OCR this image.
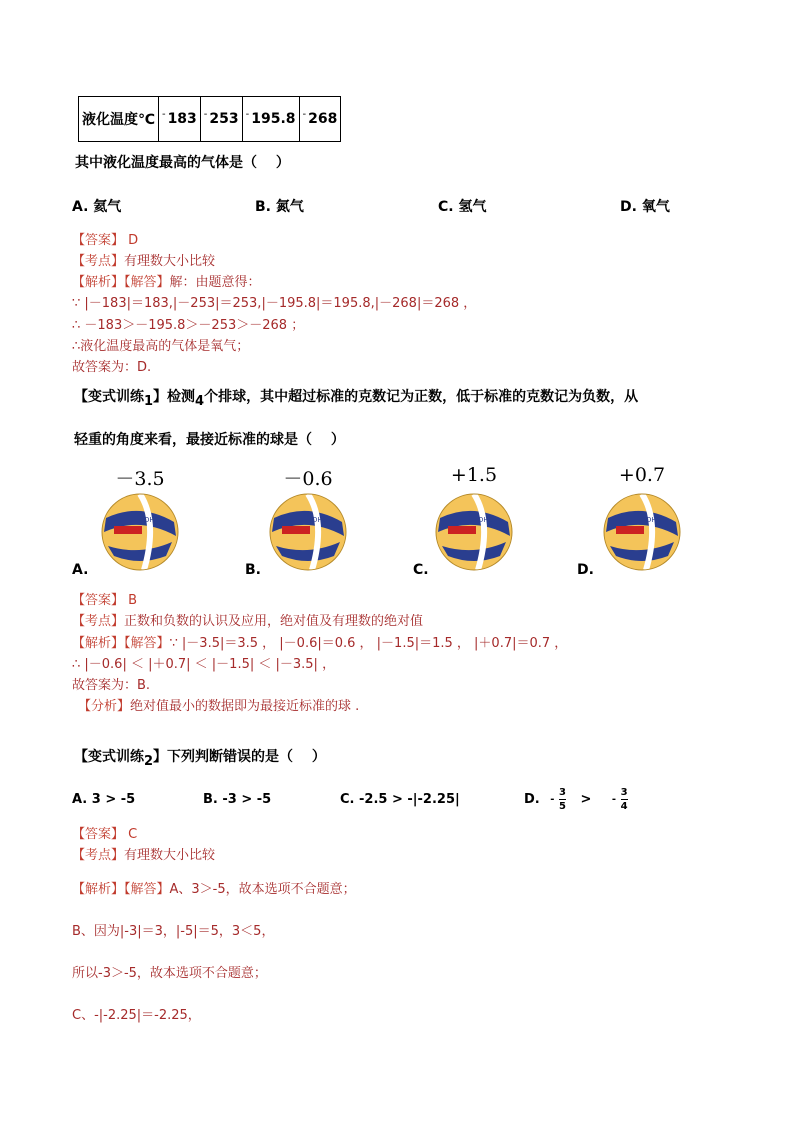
液化温度℃	- 183	- 253	- 195.8	- 268
其中液化温度最高的气体是（　 ）
A. 氦气	B. 氮气	C. 氢气	D. 氧气
【答案】 D
【考点】有理数大小比较
【解析】【解答】解：由题意得：
∵ |－183|＝183,|－253|＝253,|－195.8|＝195.8,|－268|＝268 ，
∴ －183＞－195.8＞－253＞－268 ；
∴液化温度最高的气体是氧气；
故答案为：D.
【变式训练1】检测4个排球，其中超过标准的克数记为正数，低于标准的克数记为负数，从
轻重的角度来看，最接近标准的球是（　 ）
－3.5
DHS
－0.6
DHS
+1.5
DHS
+0.7
DHS
A.	B.	C.	D.
【答案】 B
【考点】正数和负数的认识及应用，绝对值及有理数的绝对值
【解析】【解答】∵ |－3.5|＝3.5 ， |－0.6|＝0.6 ， |－1.5|＝1.5 ， |＋0.7|＝0.7 ，
∴ |－0.6| ＜ |＋0.7| ＜ |－1.5| ＜ |－3.5| ，
故答案为：B.
【分析】绝对值最小的数据即为最接近标准的球 .
【变式训练2】下列判断错误的是（　 ）
A. 3 > -5	B. -3 > -5	C. -2.5 > -|-2.25|	D. - $\frac{3}{5}$ > - $\frac{3}{4}$
【答案】 C
【考点】有理数大小比较
【解析】【解答】A、3＞-5，故本选项不合题意；
B、因为|-3|＝3，|-5|＝5，3＜5，
所以-3＞-5，故本选项不合题意；
C、-|-2.25|＝-2.25，
